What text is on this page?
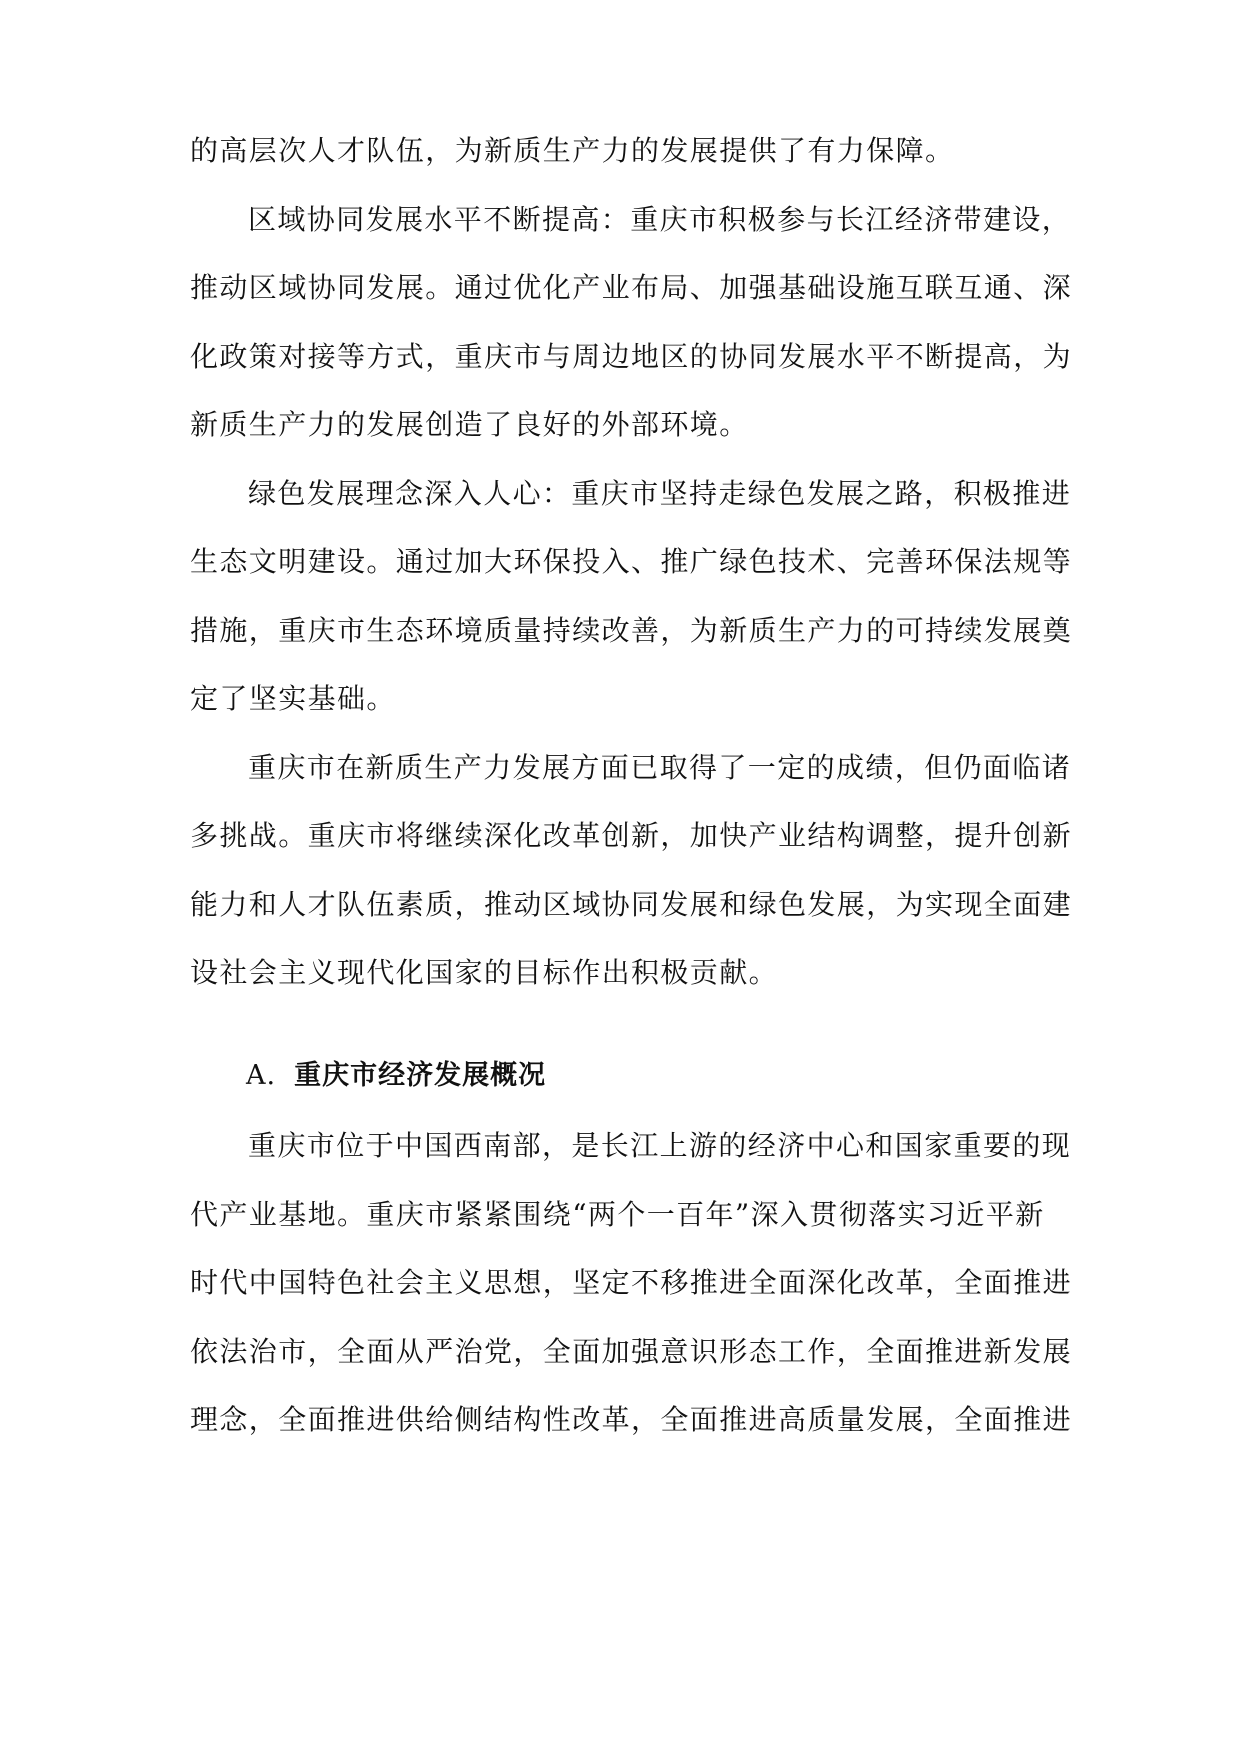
的高层次人才队伍，为新质生产力的发展提供了有力保障。

区域协同发展水平不断提高：重庆市积极参与长江经济带建设，

推动区域协同发展。通过优化产业布局、加强基础设施互联互通、深

化政策对接等方式，重庆市与周边地区的协同发展水平不断提高，为

新质生产力的发展创造了良好的外部环境。

绿色发展理念深入人心：重庆市坚持走绿色发展之路，积极推进

生态文明建设。通过加大环保投入、推广绿色技术、完善环保法规等

措施，重庆市生态环境质量持续改善，为新质生产力的可持续发展奠

定了坚实基础。

重庆市在新质生产力发展方面已取得了一定的成绩，但仍面临诸

多挑战。重庆市将继续深化改革创新，加快产业结构调整，提升创新

能力和人才队伍素质，推动区域协同发展和绿色发展，为实现全面建

设社会主义现代化国家的目标作出积极贡献。

A. 重庆市经济发展概况

重庆市位于中国西南部，是长江上游的经济中心和国家重要的现

代产业基地。重庆市紧紧围绕“两个一百年”深入贯彻落实习近平新

时代中国特色社会主义思想，坚定不移推进全面深化改革，全面推进

依法治市，全面从严治党，全面加强意识形态工作，全面推进新发展

理念，全面推进供给侧结构性改革，全面推进高质量发展，全面推进
